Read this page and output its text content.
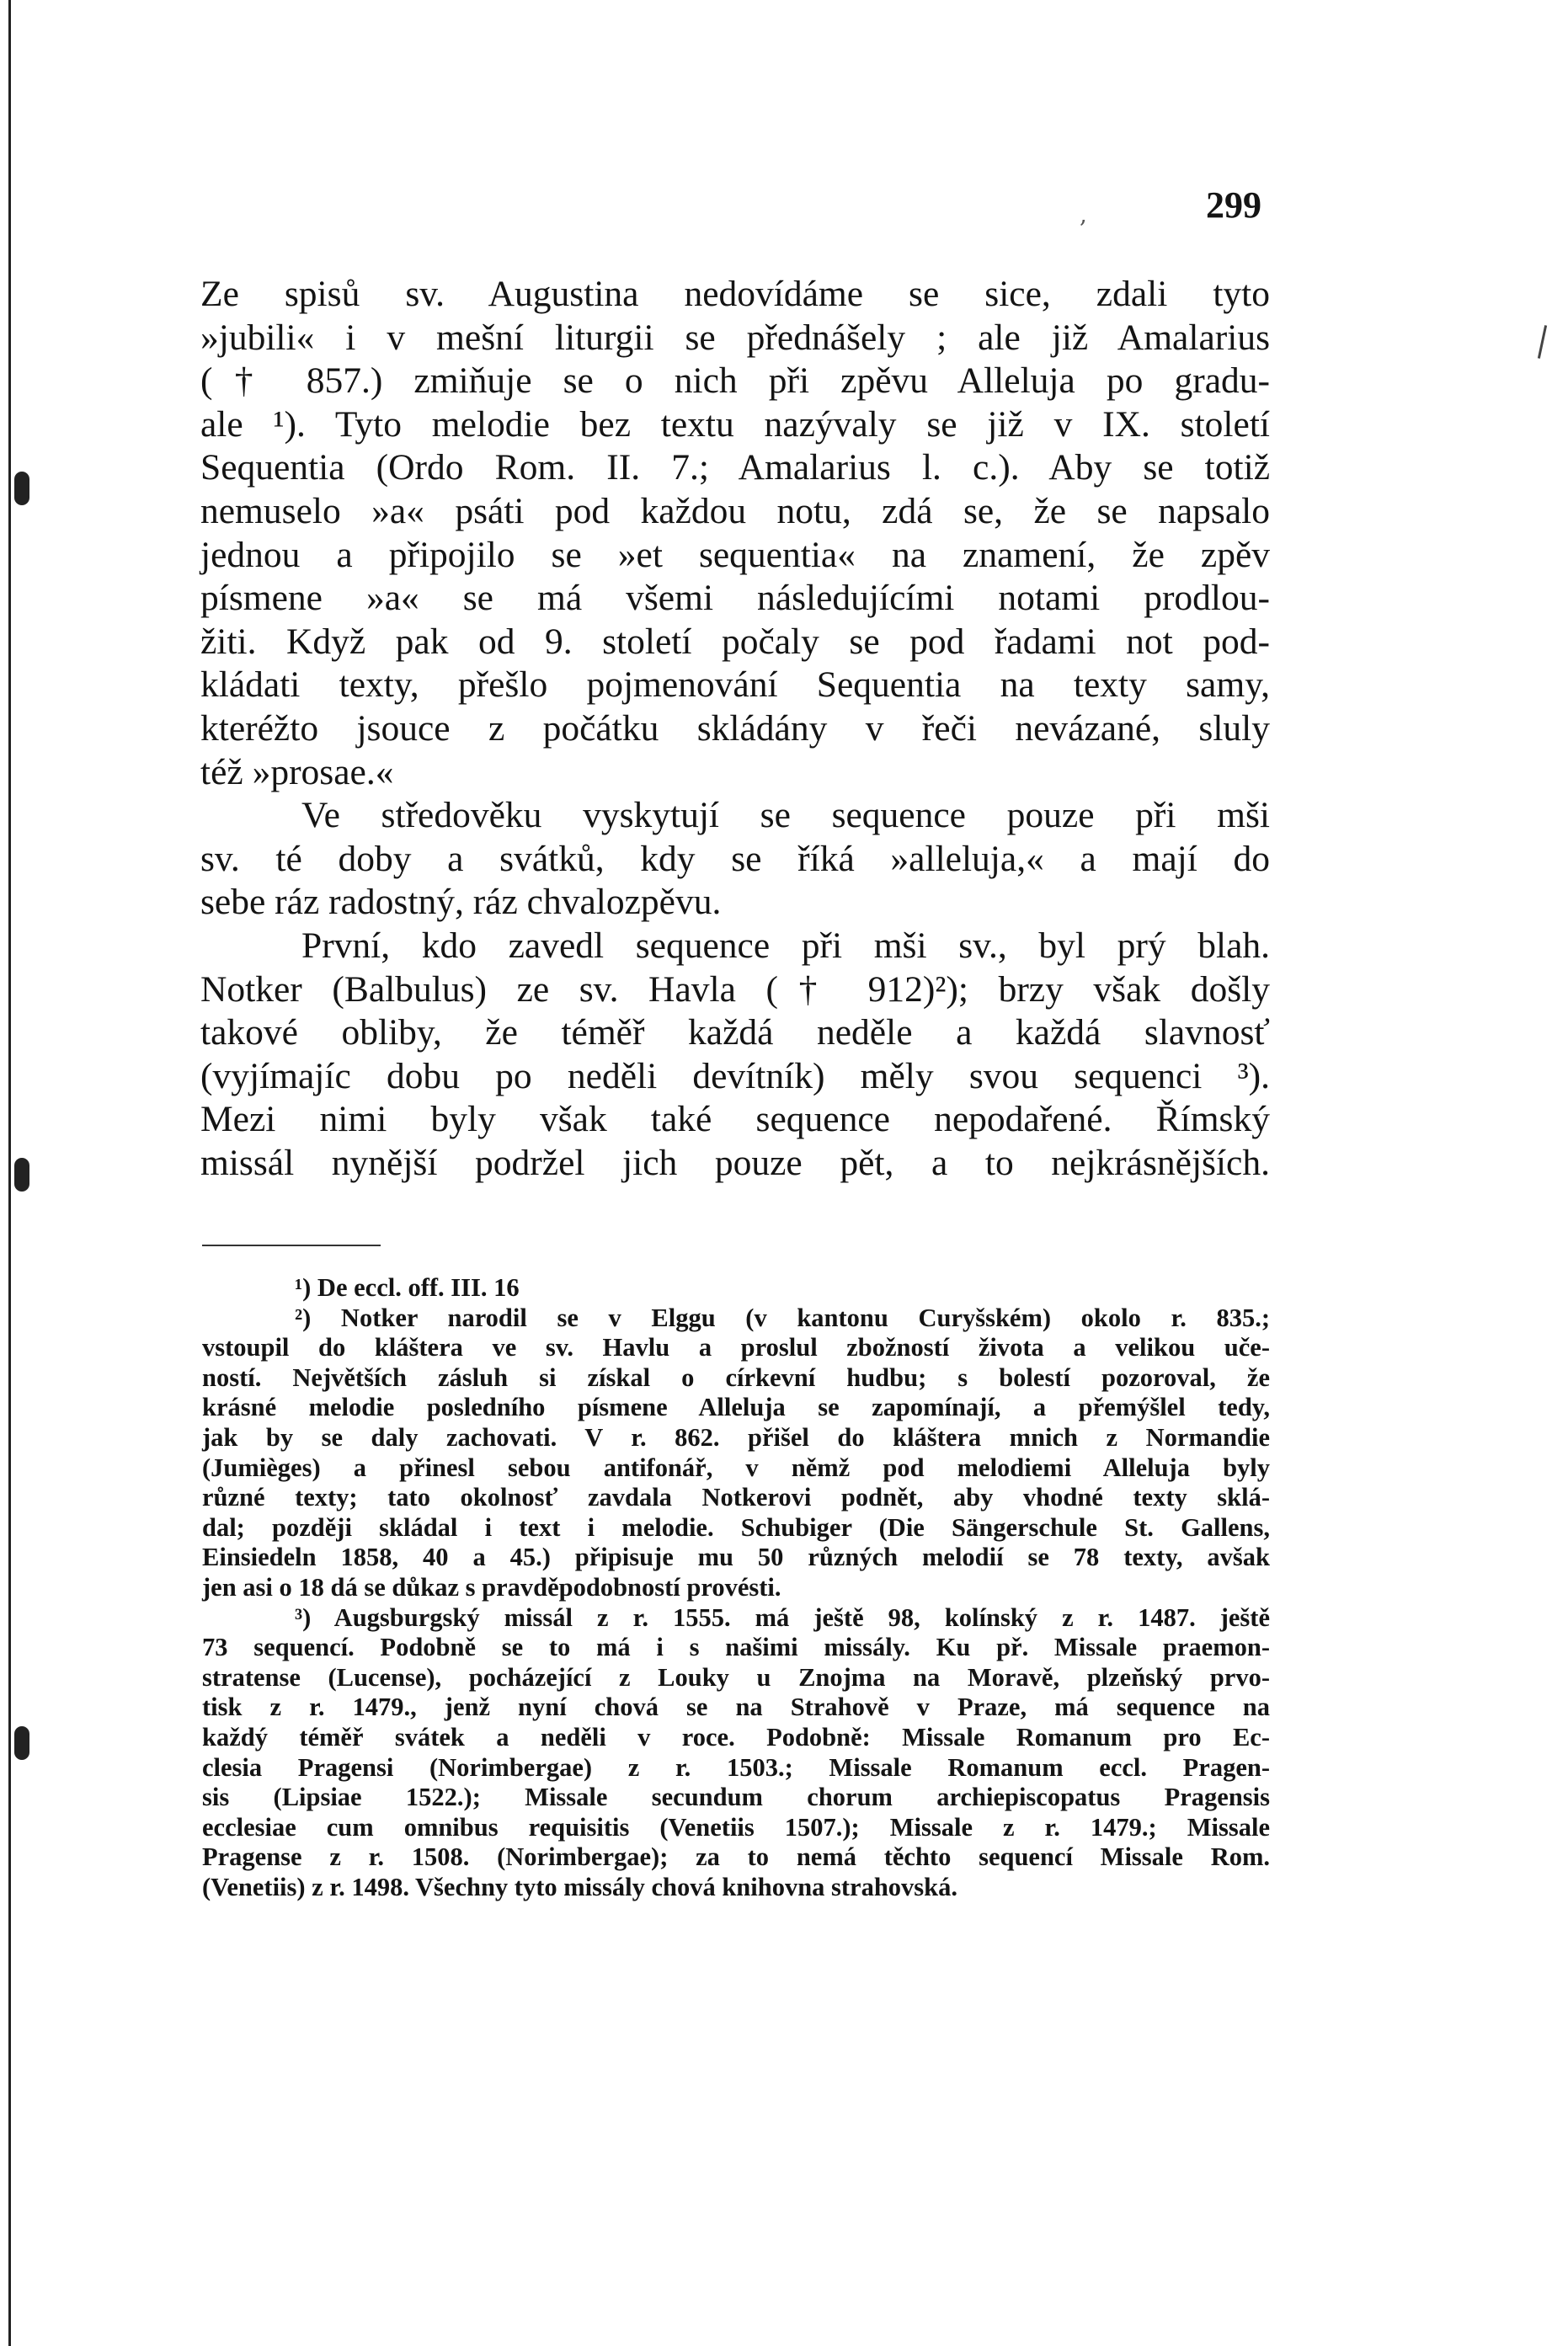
,	299
Ze spisů sv. Augustina nedovídáme se sice, zdali tyto
»jubili« i v mešní liturgii se přednášely ; ale již Amalarius
(† 857.) zmiňuje se o nich při zpěvu Alleluja po gradu-
ale ¹). Tyto melodie bez textu nazývaly se již v IX. století
Sequentia (Ordo Rom. II. 7.; Amalarius l. c.). Aby se totiž
nemuselo »a« psáti pod každou notu, zdá se, že se napsalo
jednou a připojilo se »et sequentia« na znamení, že zpěv
písmene »a« se má všemi následujícími notami prodlou-
žiti. Když pak od 9. století počaly se pod řadami not pod-
kládati texty, přešlo pojmenování Sequentia na texty samy,
kteréžto jsouce z počátku skládány v řeči nevázané, sluly
též »prosae.«
Ve středověku vyskytují se sequence pouze při mši
sv. té doby a svátků, kdy se říká »alleluja,« a mají do
sebe ráz radostný, ráz chvalozpěvu.
První, kdo zavedl sequence při mši sv., byl prý blah.
Notker (Balbulus) ze sv. Havla († 912)²); brzy však došly
takové obliby, že téměř každá neděle a každá slavnosť
(vyjímajíc dobu po neděli devítník) měly svou sequenci ³).
Mezi nimi byly však také sequence nepodařené. Římský
missál nynější podržel jich pouze pět, a to nejkrásnějších.
¹) De eccl. off. III. 16
²) Notker narodil se v Elggu (v kantonu Curyšském) okolo r. 835.;
vstoupil do kláštera ve sv. Havlu a proslul zbožností života a velikou uče-
ností. Největších zásluh si získal o církevní hudbu; s bolestí pozoroval, že
krásné melodie posledního písmene Alleluja se zapomínají, a přemýšlel tedy,
jak by se daly zachovati. V r. 862. přišel do kláštera mnich z Normandie
(Jumièges) a přinesl sebou antifonář, v němž pod melodiemi Alleluja byly
různé texty; tato okolnosť zavdala Notkerovi podnět, aby vhodné texty sklá-
dal; později skládal i text i melodie. Schubiger (Die Sängerschule St. Gallens,
Einsiedeln 1858, 40 a 45.) připisuje mu 50 různých melodií se 78 texty, avšak
jen asi o 18 dá se důkaz s pravděpodobností provésti.
³) Augsburgský missál z r. 1555. má ještě 98, kolínský z r. 1487. ještě
73 sequencí. Podobně se to má i s našimi missály. Ku př. Missale praemon-
stratense (Lucense), pocházející z Louky u Znojma na Moravě, plzeňský prvo-
tisk z r. 1479., jenž nyní chová se na Strahově v Praze, má sequence na
každý téměř svátek a neděli v roce. Podobně: Missale Romanum pro Ec-
clesia Pragensi (Norimbergae) z r. 1503.; Missale Romanum eccl. Pragen-
sis (Lipsiae 1522.); Missale secundum chorum archiepiscopatus Pragensis
ecclesiae cum omnibus requisitis (Venetiis 1507.); Missale z r. 1479.; Missale
Pragense z r. 1508. (Norimbergae); za to nemá těchto sequencí Missale Rom.
(Venetiis) z r. 1498. Všechny tyto missály chová knihovna strahovská.
